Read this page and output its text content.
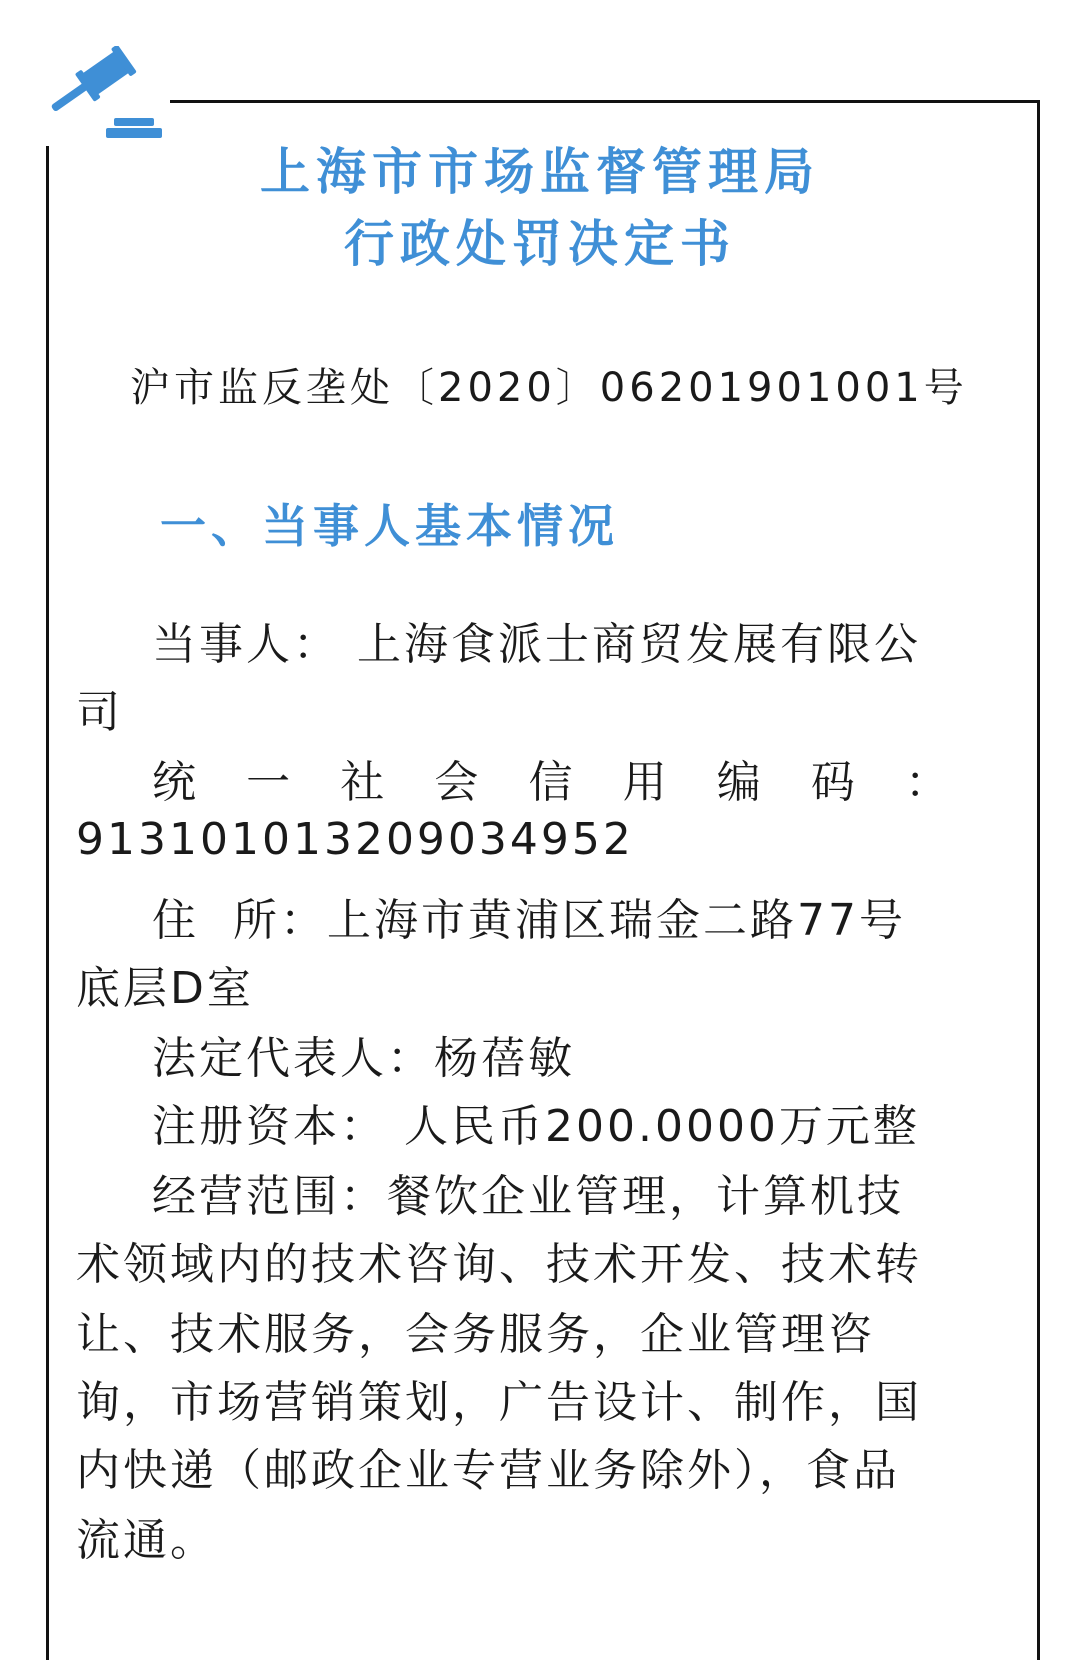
上海市市场监督管理局
行政处罚决定书
沪市监反垄处〔2020〕06201901001号
一、当事人基本情况
当事人： 上海食派士商贸发展有限公
司
统 一 社 会 信 用 编 码 ：
913101013209034952
住  所：上海市黄浦区瑞金二路77号
底层D室
法定代表人：杨蓓敏
注册资本： 人民币200.0000万元整
经营范围：餐饮企业管理，计算机技
术领域内的技术咨询、技术开发、技术转
让、技术服务，会务服务，企业管理咨
询，市场营销策划，广告设计、制作，国
内快递（邮政企业专营业务除外），食品
流通。
